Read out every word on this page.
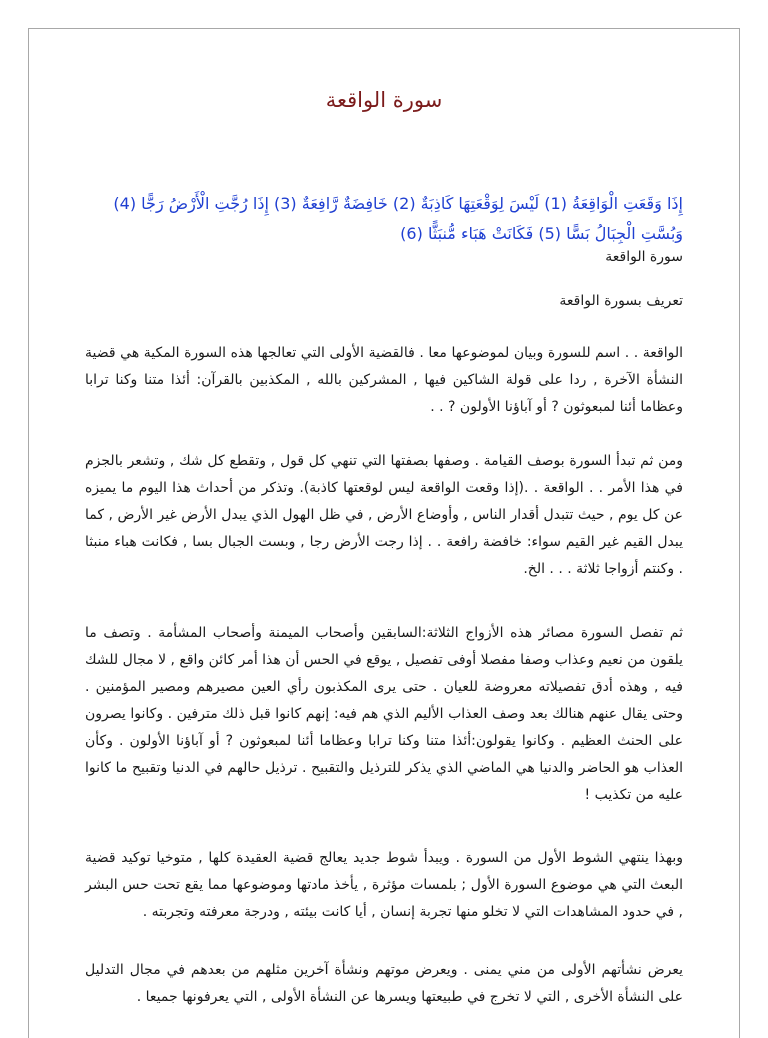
سورة الواقعة

إِذَا وَقَعَتِ الْوَاقِعَةُ (1) لَيْسَ لِوَقْعَتِهَا كَاذِبَةٌ (2) خَافِضَةٌ رَّافِعَةٌ (3) إِذَا رُجَّتِ الْأَرْضُ رَجًّا (4) وَبُسَّتِ الْجِبَالُ بَسًّا (5) فَكَانَتْ هَبَاء مُّنبَثًّا (6)

سورة الواقعة

تعريف بسورة الواقعة

الواقعة . . اسم للسورة وبيان لموضوعها معا . فالقضية الأولى التي تعالجها هذه السورة المكية هي قضية النشأة الآخرة , ردا على قولة الشاكين فيها , المشركين بالله , المكذبين بالقرآن: أئذا متنا وكنا ترابا وعظاما أئنا لمبعوثون ? أو آباؤنا الأولون ? . .

ومن ثم تبدأ السورة بوصف القيامة . وصفها بصفتها التي تنهي كل قول , وتقطع كل شك , وتشعر بالجزم في هذا الأمر . . الواقعة . .(إذا وقعت الواقعة ليس لوقعتها كاذبة). وتذكر من أحداث هذا اليوم ما يميزه عن كل يوم , حيث تتبدل أقدار الناس , وأوضاع الأرض , في ظل الهول الذي يبدل الأرض غير الأرض , كما يبدل القيم غير القيم سواء: خافضة رافعة . . إذا رجت الأرض رجا , وبست الجبال بسا , فكانت هباء منبثا . وكنتم أزواجا ثلاثة . . . الخ.

ثم تفصل السورة مصائر هذه الأزواج الثلاثة:السابقين وأصحاب الميمنة وأصحاب المشأمة . وتصف ما يلقون من نعيم وعذاب وصفا مفصلا أوفى تفصيل , يوقع في الحس أن هذا أمر كائن واقع , لا مجال للشك فيه , وهذه أدق تفصيلاته معروضة للعيان . حتى يرى المكذبون رأي العين مصيرهم ومصير المؤمنين . وحتى يقال عنهم هنالك بعد وصف العذاب الأليم الذي هم فيه: إنهم كانوا قبل ذلك مترفين . وكانوا يصرون على الحنث العظيم . وكانوا يقولون:أئذا متنا وكنا ترابا وعظاما أئنا لمبعوثون ? أو آباؤنا الأولون . وكأن العذاب هو الحاضر والدنيا هي الماضي الذي يذكر للترذيل والتقبيح . ترذيل حالهم في الدنيا وتقبيح ما كانوا عليه من تكذيب !

وبهذا ينتهي الشوط الأول من السورة . ويبدأ شوط جديد يعالج قضية العقيدة كلها , متوخيا توكيد قضية البعث التي هي موضوع السورة الأول ; بلمسات مؤثرة , يأخذ مادتها وموضوعها مما يقع تحت حس البشر , في حدود المشاهدات التي لا تخلو منها تجربة إنسان , أيا كانت بيئته , ودرجة معرفته وتجربته .

يعرض نشأتهم الأولى من مني يمنى . ويعرض موتهم ونشأة آخرين مثلهم من بعدهم في مجال التدليل على النشأة الأخرى , التي لا تخرج في طبيعتها ويسرها عن النشأة الأولى , التي يعرفونها جميعا .
